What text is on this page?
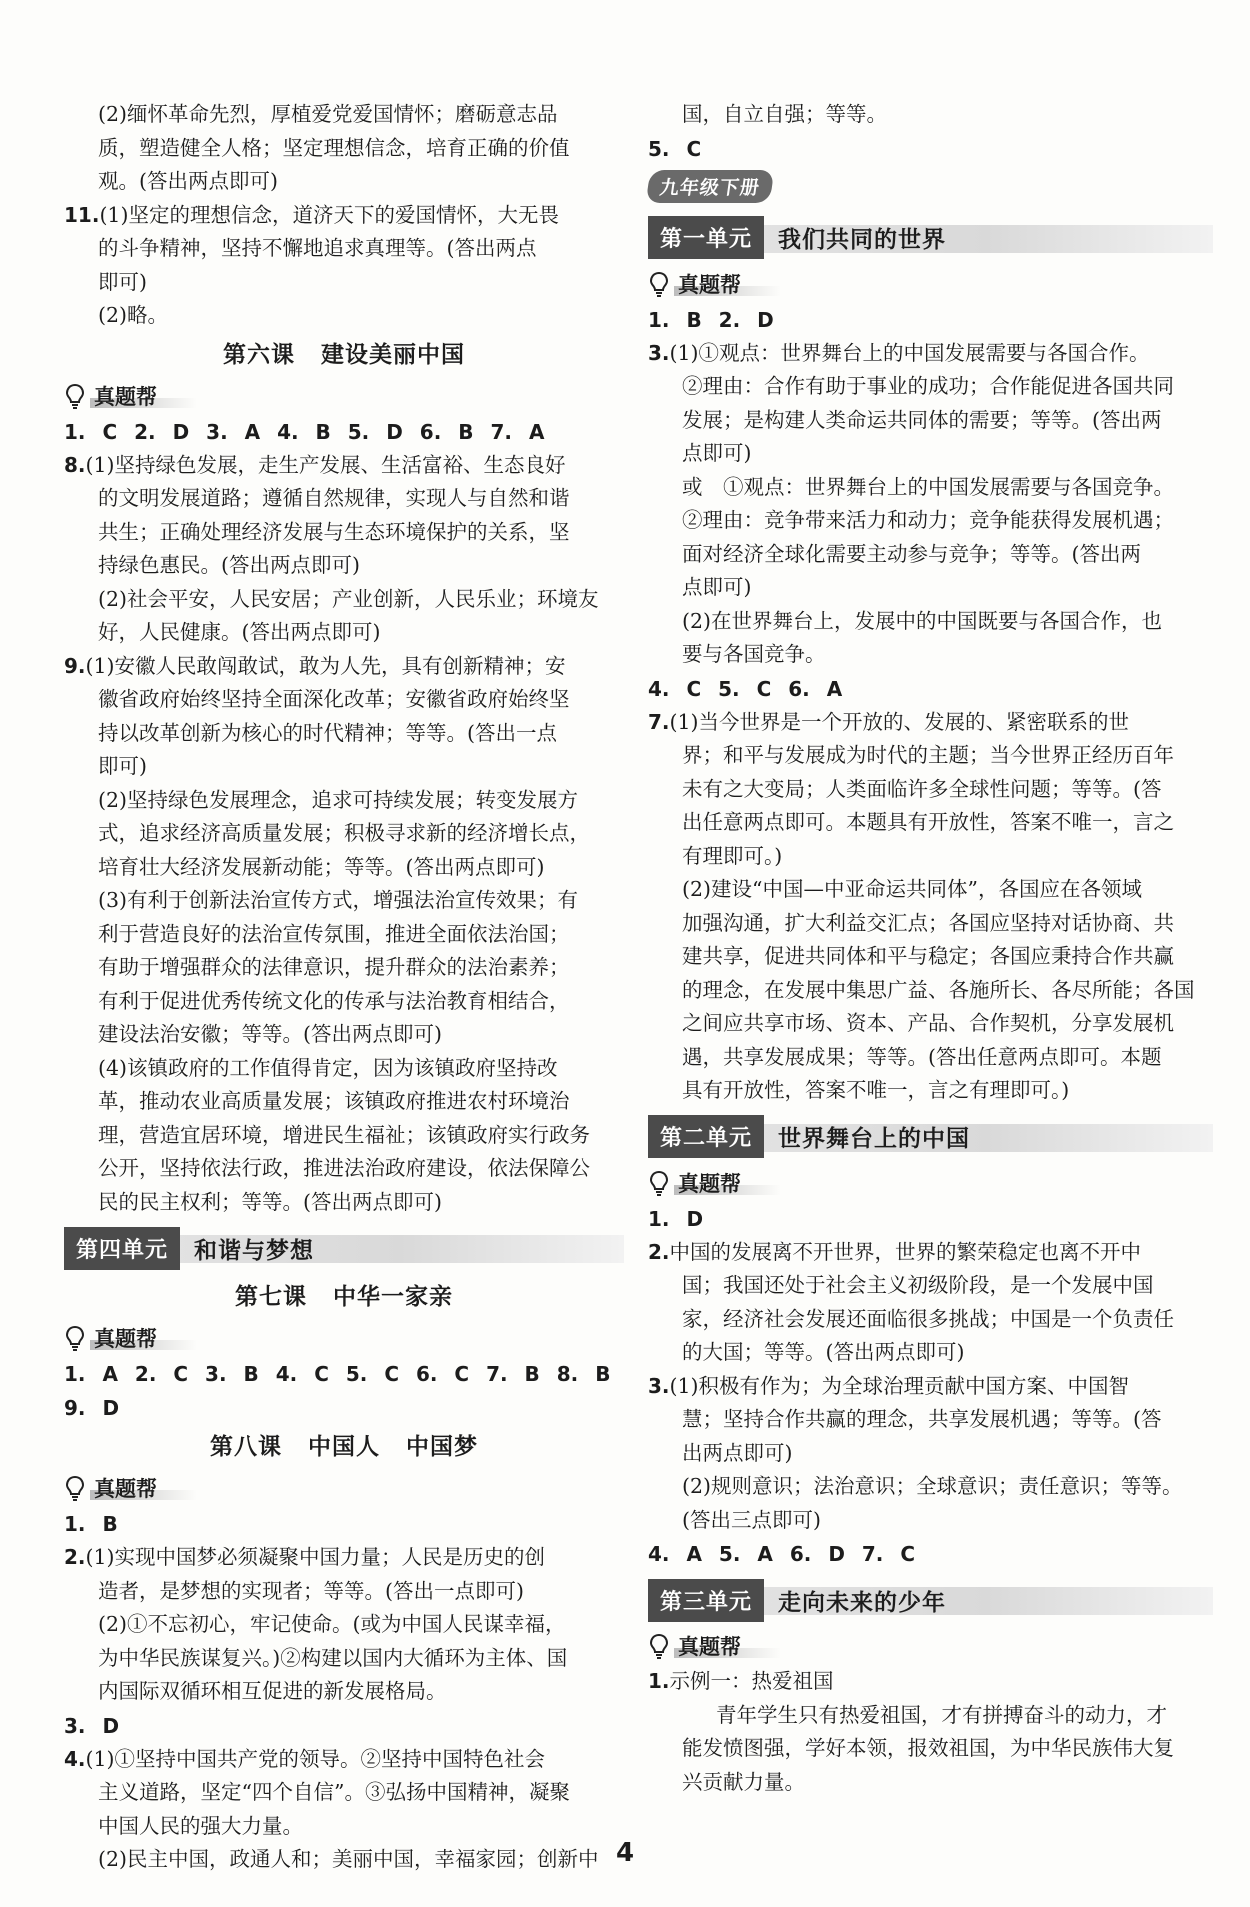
(2)缅怀革命先烈，厚植爱党爱国情怀；磨砺意志品

质，塑造健全人格；坚定理想信念，培育正确的价值

观。(答出两点即可)

11.(1)坚定的理想信念，道济天下的爱国情怀，大无畏

的斗争精神，坚持不懈地追求真理等。(答出两点

即可)

(2)略。

第六课 建设美丽中国

真题帮

1. C 2. D 3. A 4. B 5. D 6. B 7. A

8.(1)坚持绿色发展，走生产发展、生活富裕、生态良好

的文明发展道路；遵循自然规律，实现人与自然和谐

共生；正确处理经济发展与生态环境保护的关系，坚

持绿色惠民。(答出两点即可)

(2)社会平安，人民安居；产业创新，人民乐业；环境友

好，人民健康。(答出两点即可)

9.(1)安徽人民敢闯敢试，敢为人先，具有创新精神；安

徽省政府始终坚持全面深化改革；安徽省政府始终坚

持以改革创新为核心的时代精神；等等。(答出一点

即可)

(2)坚持绿色发展理念，追求可持续发展；转变发展方

式，追求经济高质量发展；积极寻求新的经济增长点，

培育壮大经济发展新动能；等等。(答出两点即可)

(3)有利于创新法治宣传方式，增强法治宣传效果；有

利于营造良好的法治宣传氛围，推进全面依法治国；

有助于增强群众的法律意识，提升群众的法治素养；

有利于促进优秀传统文化的传承与法治教育相结合，

建设法治安徽；等等。(答出两点即可)

(4)该镇政府的工作值得肯定，因为该镇政府坚持改

革，推动农业高质量发展；该镇政府推进农村环境治

理，营造宜居环境，增进民生福祉；该镇政府实行政务

公开，坚持依法行政，推进法治政府建设，依法保障公

民的民主权利；等等。(答出两点即可)

第四单元	和谐与梦想

第七课 中华一家亲

真题帮

1. A 2. C 3. B 4. C 5. C 6. C 7. B 8. B 9. D

第八课 中国人 中国梦

真题帮

1. B

2.(1)实现中国梦必须凝聚中国力量；人民是历史的创

造者，是梦想的实现者；等等。(答出一点即可)

(2)①不忘初心，牢记使命。(或为中国人民谋幸福，

为中华民族谋复兴。)②构建以国内大循环为主体、国

内国际双循环相互促进的新发展格局。

3. D

4.(1)①坚持中国共产党的领导。②坚持中国特色社会

主义道路，坚定“四个自信”。③弘扬中国精神，凝聚

中国人民的强大力量。

(2)民主中国，政通人和；美丽中国，幸福家园；创新中

国，自立自强；等等。

5. C

九年级下册
第一单元	我们共同的世界
真题帮

1. B 2. D

3.(1)①观点：世界舞台上的中国发展需要与各国合作。

②理由：合作有助于事业的成功；合作能促进各国共同

发展；是构建人类命运共同体的需要；等等。(答出两

点即可)

或　①观点：世界舞台上的中国发展需要与各国竞争。

②理由：竞争带来活力和动力；竞争能获得发展机遇；

面对经济全球化需要主动参与竞争；等等。(答出两

点即可)

(2)在世界舞台上，发展中的中国既要与各国合作，也

要与各国竞争。

4. C 5. C 6. A

7.(1)当今世界是一个开放的、发展的、紧密联系的世

界；和平与发展成为时代的主题；当今世界正经历百年

未有之大变局；人类面临许多全球性问题；等等。(答

出任意两点即可。本题具有开放性，答案不唯一，言之

有理即可。)

(2)建设“中国—中亚命运共同体”，各国应在各领域

加强沟通，扩大利益交汇点；各国应坚持对话协商、共

建共享，促进共同体和平与稳定；各国应秉持合作共赢

的理念，在发展中集思广益、各施所长、各尽所能；各国

之间应共享市场、资本、产品、合作契机，分享发展机

遇，共享发展成果；等等。(答出任意两点即可。本题

具有开放性，答案不唯一，言之有理即可。)

第二单元	世界舞台上的中国
真题帮

1. D

2.中国的发展离不开世界，世界的繁荣稳定也离不开中

国；我国还处于社会主义初级阶段，是一个发展中国

家，经济社会发展还面临很多挑战；中国是一个负责任

的大国；等等。(答出两点即可)

3.(1)积极有作为；为全球治理贡献中国方案、中国智

慧；坚持合作共赢的理念，共享发展机遇；等等。(答

出两点即可)

(2)规则意识；法治意识；全球意识；责任意识；等等。

(答出三点即可)

4. A 5. A 6. D 7. C

第三单元	走向未来的少年
真题帮

1.示例一：热爱祖国

青年学生只有热爱祖国，才有拼搏奋斗的动力，才

能发愤图强，学好本领，报效祖国，为中华民族伟大复

兴贡献力量。

4
